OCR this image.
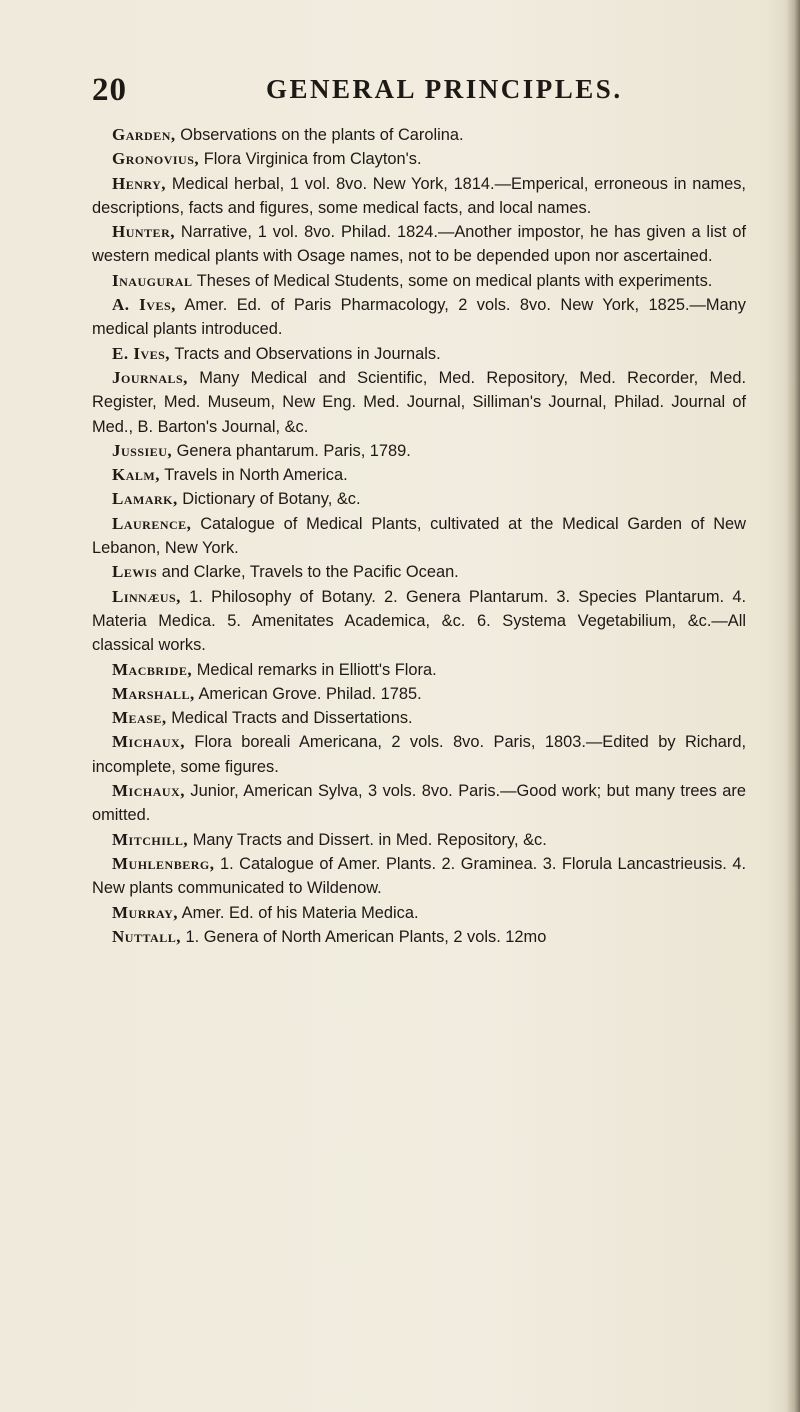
20	GENERAL PRINCIPLES.

Garden, Observations on the plants of Carolina.

Gronovius, Flora Virginica from Clayton's.

Henry, Medical herbal, 1 vol. 8vo. New York, 1814.—Emperical, erroneous in names, descriptions, facts and figures, some medical facts, and local names.

Hunter, Narrative, 1 vol. 8vo. Philad. 1824.—Another impostor, he has given a list of western medical plants with Osage names, not to be depended upon nor ascertained.

Inaugural Theses of Medical Students, some on medical plants with experiments.

A. Ives, Amer. Ed. of Paris Pharmacology, 2 vols. 8vo. New York, 1825.—Many medical plants introduced.

E. Ives, Tracts and Observations in Journals.

Journals, Many Medical and Scientific, Med. Repository, Med. Recorder, Med. Register, Med. Museum, New Eng. Med. Journal, Silliman's Journal, Philad. Journal of Med., B. Barton's Journal, &c.

Jussieu, Genera phantarum. Paris, 1789.

Kalm, Travels in North America.

Lamark, Dictionary of Botany, &c.

Laurence, Catalogue of Medical Plants, cultivated at the Medical Garden of New Lebanon, New York.

Lewis and Clarke, Travels to the Pacific Ocean.

Linnæus, 1. Philosophy of Botany. 2. Genera Plantarum. 3. Species Plantarum. 4. Materia Medica. 5. Amenitates Academica, &c. 6. Systema Vegetabilium, &c.—All classical works.

Macbride, Medical remarks in Elliott's Flora.

Marshall, American Grove. Philad. 1785.

Mease, Medical Tracts and Dissertations.

Michaux, Flora boreali Americana, 2 vols. 8vo. Paris, 1803.—Edited by Richard, incomplete, some figures.

Michaux, Junior, American Sylva, 3 vols. 8vo. Paris.—Good work; but many trees are omitted.

Mitchill, Many Tracts and Dissert. in Med. Repository, &c.

Muhlenberg, 1. Catalogue of Amer. Plants. 2. Graminea. 3. Florula Lancastrieusis. 4. New plants communicated to Wildenow.

Murray, Amer. Ed. of his Materia Medica.

Nuttall, 1. Genera of North American Plants, 2 vols. 12mo
